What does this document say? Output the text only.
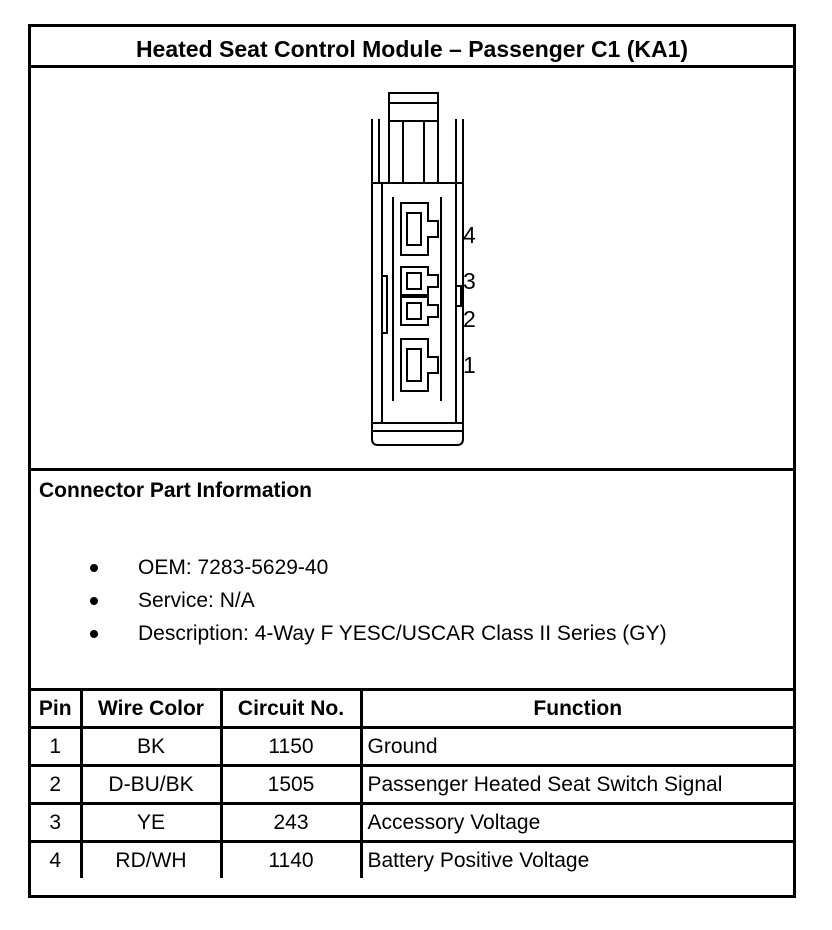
Heated Seat Control Module – Passenger C1 (KA1)
4
3
2
1
Connector Part Information
OEM: 7283-5629-40
Service: N/A
Description: 4-Way F YESC/USCAR Class II Series (GY)
Pin	Wire Color	Circuit No.	Function
1	BK	1150	Ground
2	D-BU/BK	1505	Passenger Heated Seat Switch Signal
3	YE	243	Accessory Voltage
4	RD/WH	1140	Battery Positive Voltage
